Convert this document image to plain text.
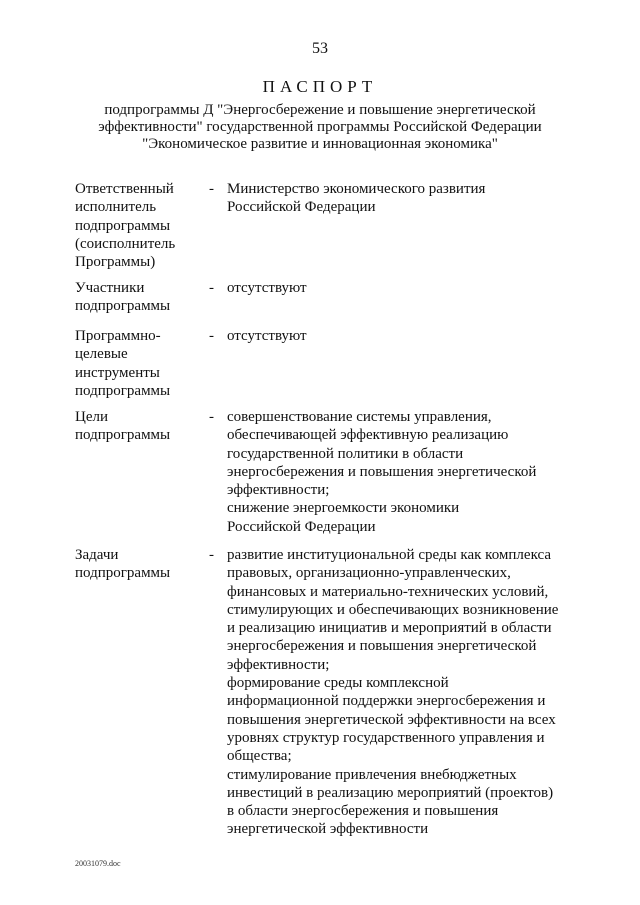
53
ПАСПОРТ
подпрограммы Д "Энергосбережение и повышение энергетической
эффективности" государственной программы Российской Федерации
"Экономическое развитие и инновационная экономика"
Ответственный
исполнитель
подпрограммы
(соисполнитель
Программы)
- Министерство экономического развития
Российской Федерации
Участники
подпрограммы
- отсутствуют
Программно-
целевые
инструменты
подпрограммы
- отсутствуют
Цели
подпрограммы
- совершенствование системы управления,
обеспечивающей эффективную реализацию
государственной политики в области
энергосбережения и повышения энергетической
эффективности;
снижение энергоемкости экономики
Российской Федерации
Задачи
подпрограммы
- развитие институциональной среды как комплекса
правовых, организационно-управленческих,
финансовых и материально-технических условий,
стимулирующих и обеспечивающих возникновение
и реализацию инициатив и мероприятий в области
энергосбережения и повышения энергетической
эффективности;
формирование среды комплексной
информационной поддержки энергосбережения и
повышения энергетической эффективности на всех
уровнях структур государственного управления и
общества;
стимулирование привлечения внебюджетных
инвестиций в реализацию мероприятий (проектов)
в области энергосбережения и повышения
энергетической эффективности
20031079.doc
